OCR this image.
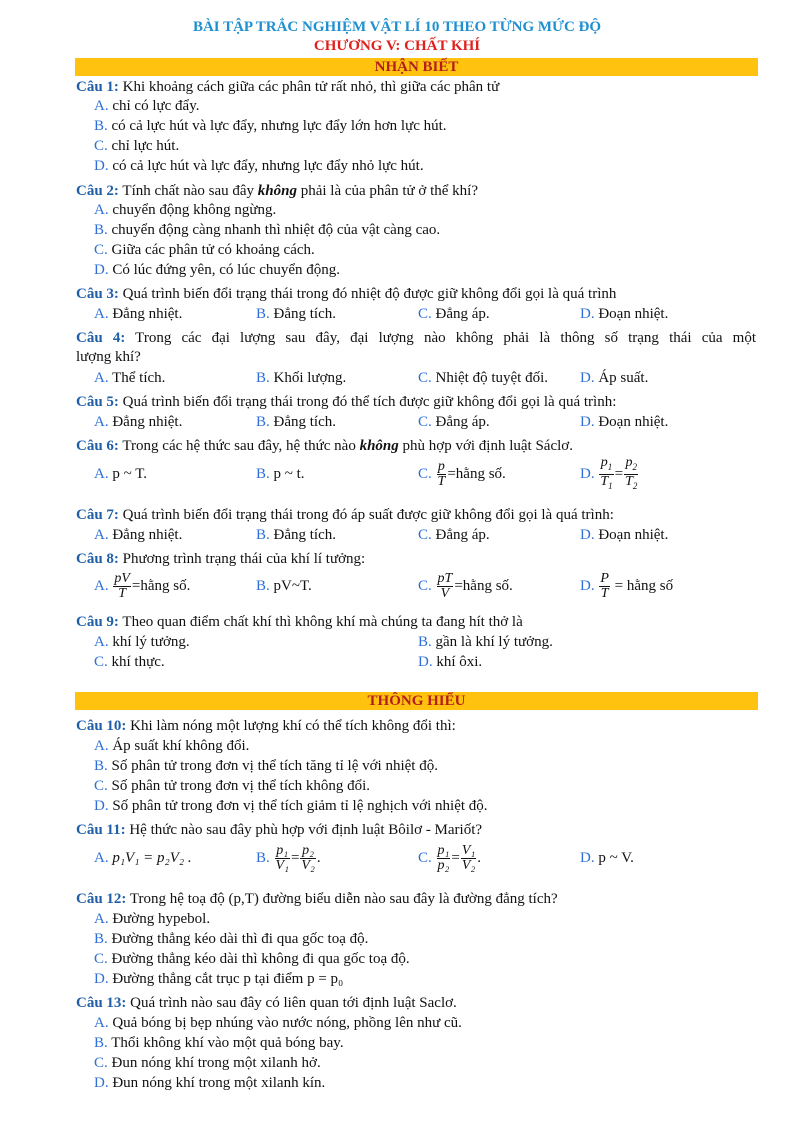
BÀI TẬP TRẮC NGHIỆM VẬT LÍ 10 THEO TỪNG MỨC ĐỘ
CHƯƠNG V: CHẤT KHÍ
NHẬN BIẾT
Câu 1: Khi khoảng cách giữa các phân tử rất nhỏ, thì giữa các phân tử
A. chỉ có lực đẩy.
B. có cả lực hút và lực đẩy, nhưng lực đẩy lớn hơn lực hút.
C. chỉ lực hút.
D. có cả lực hút và lực đẩy, nhưng lực đẩy nhỏ lực hút.
Câu 2: Tính chất nào sau đây không phải là của phân tử ở thể khí?
A. chuyển động không ngừng.
B. chuyển động càng nhanh thì nhiệt độ của vật càng cao.
C. Giữa các phân tử có khoảng cách.
D. Có lúc đứng yên, có lúc chuyển động.
Câu 3: Quá trình biến đổi trạng thái trong đó nhiệt độ được giữ không đổi gọi là quá trình
A. Đẳng nhiệt.	B. Đẳng tích.	C. Đẳng áp.	D. Đoạn nhiệt.
Câu 4: Trong các đại lượng sau đây, đại lượng nào không phải là thông số trạng thái của một
lượng khí?
A. Thể tích.	B. Khối lượng.	C. Nhiệt độ tuyệt đối. D. Áp suất.
Câu 5: Quá trình biến đổi trạng thái trong đó thể tích được giữ không đổi gọi là quá trình:
A. Đẳng nhiệt.	B. Đẳng tích.	C. Đẳng áp.	D. Đoạn nhiệt.
Câu 6: Trong các hệ thức sau đây, hệ thức nào không phù hợp với định luật Sáclơ.
A. p ~ T.	B. p ~ t.	C. $\frac{p}{T}$ =hằng số.	D. $\frac{p_1}{T_1} = \frac{p_2}{T_2}$
Câu 7: Quá trình biến đổi trạng thái trong đó áp suất được giữ không đổi gọi là quá trình:
A. Đẳng nhiệt.	B. Đẳng tích.	C. Đẳng áp.	D. Đoạn nhiệt.
Câu 8: Phương trình trạng thái của khí lí tưởng:
A. $\frac{pV}{T}$ =hằng số.	B. pV~T.	C. $\frac{pT}{V}$ =hằng số.	D. $\frac{P}{T}$ = hằng số
Câu 9: Theo quan điểm chất khí thì không khí mà chúng ta đang hít thở là
A. khí lý tưởng.	B. gần là khí lý tưởng.
C. khí thực.	D. khí ôxi.
THÔNG HIỂU
Câu 10: Khi làm nóng một lượng khí có thể tích không đổi thì:
A. Áp suất khí không đổi.
B. Số phân tử trong đơn vị thể tích tăng tỉ lệ với nhiệt độ.
C. Số phân tử trong đơn vị thể tích không đổi.
D. Số phân tử trong đơn vị thể tích giảm tỉ lệ nghịch với nhiệt độ.
Câu 11: Hệ thức nào sau đây phù hợp với định luật Bôilơ - Mariốt?
A. p₁V₁ = p₂V₂ .	B. $\frac{\text{p₁}}{\text{V₁}} = \frac{\text{p₂}}{\text{V₂}}$ .	C. $\frac{\text{p₁}}{\text{p₂}} = \frac{\text{V₁}}{\text{V₂}}$ .	D. p ~ V.
Câu 12: Trong hệ toạ độ (p,T) đường biểu diễn nào sau đây là đường đẳng tích?
A. Đường hypebol.
B. Đường thẳng kéo dài thì đi qua gốc toạ độ.
C. Đường thẳng kéo dài thì không đi qua gốc toạ độ.
D. Đường thẳng cắt trục p tại điểm p = p₀
Câu 13: Quá trình nào sau đây có liên quan tới định luật Saclơ.
A. Quả bóng bị bẹp nhúng vào nước nóng, phồng lên như cũ.
B. Thổi không khí vào một quả bóng bay.
C. Đun nóng khí trong một xilanh hở.
D. Đun nóng khí trong một xilanh kín.
